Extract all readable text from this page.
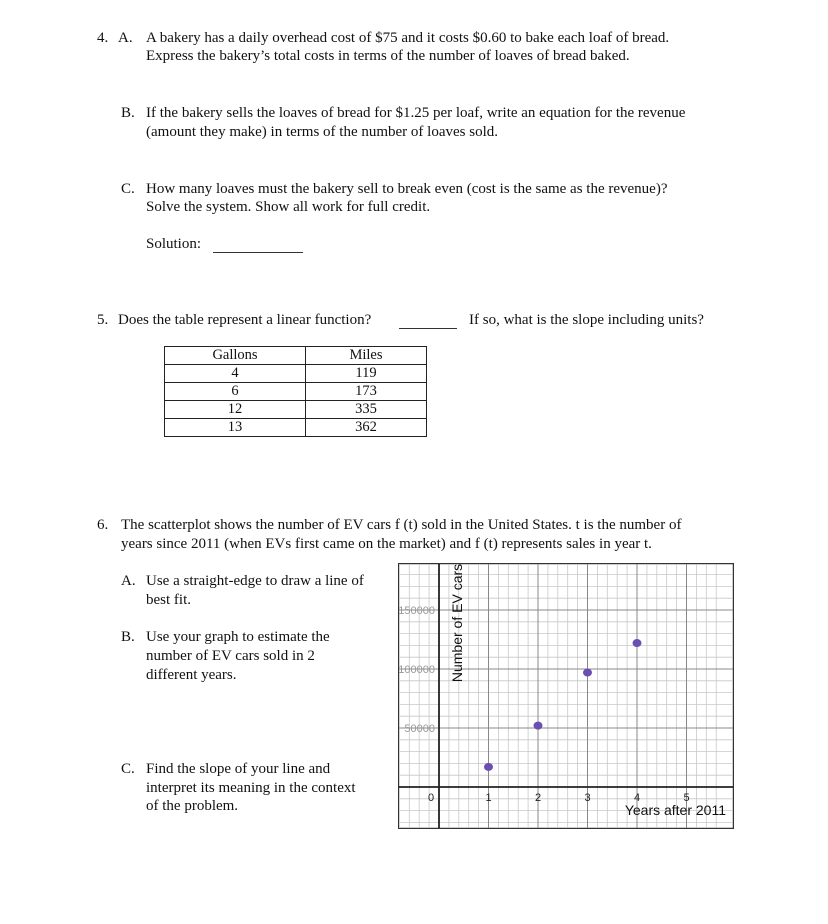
4. A. A bakery has a daily overhead cost of $75 and it costs $0.60 to bake each loaf of bread.
Express the bakery’s total costs in terms of the number of loaves of bread baked.
B. If the bakery sells the loaves of bread for $1.25 per loaf, write an equation for the revenue
(amount they make) in terms of the number of loaves sold.
C. How many loaves must the bakery sell to break even (cost is the same as the revenue)?
Solve the system. Show all work for full credit.
Solution:
5. Does the table represent a linear function?	If so, what is the slope including units?
Gallons	Miles
4	119
6	173
12	335
13	362
6. The scatterplot shows the number of EV cars f (t) sold in the United States. t is the number of
years since 2011 (when EVs first came on the market) and f (t) represents sales in year t.
A. Use a straight-edge to draw a line of
best fit.
B. Use your graph to estimate the
number of EV cars sold in 2
different years.
C. Find the slope of your line and
interpret its meaning in the context
of the problem.
50000
100000
150000
0	1	2	3	4	5
Years after 2011
Number of EV cars
